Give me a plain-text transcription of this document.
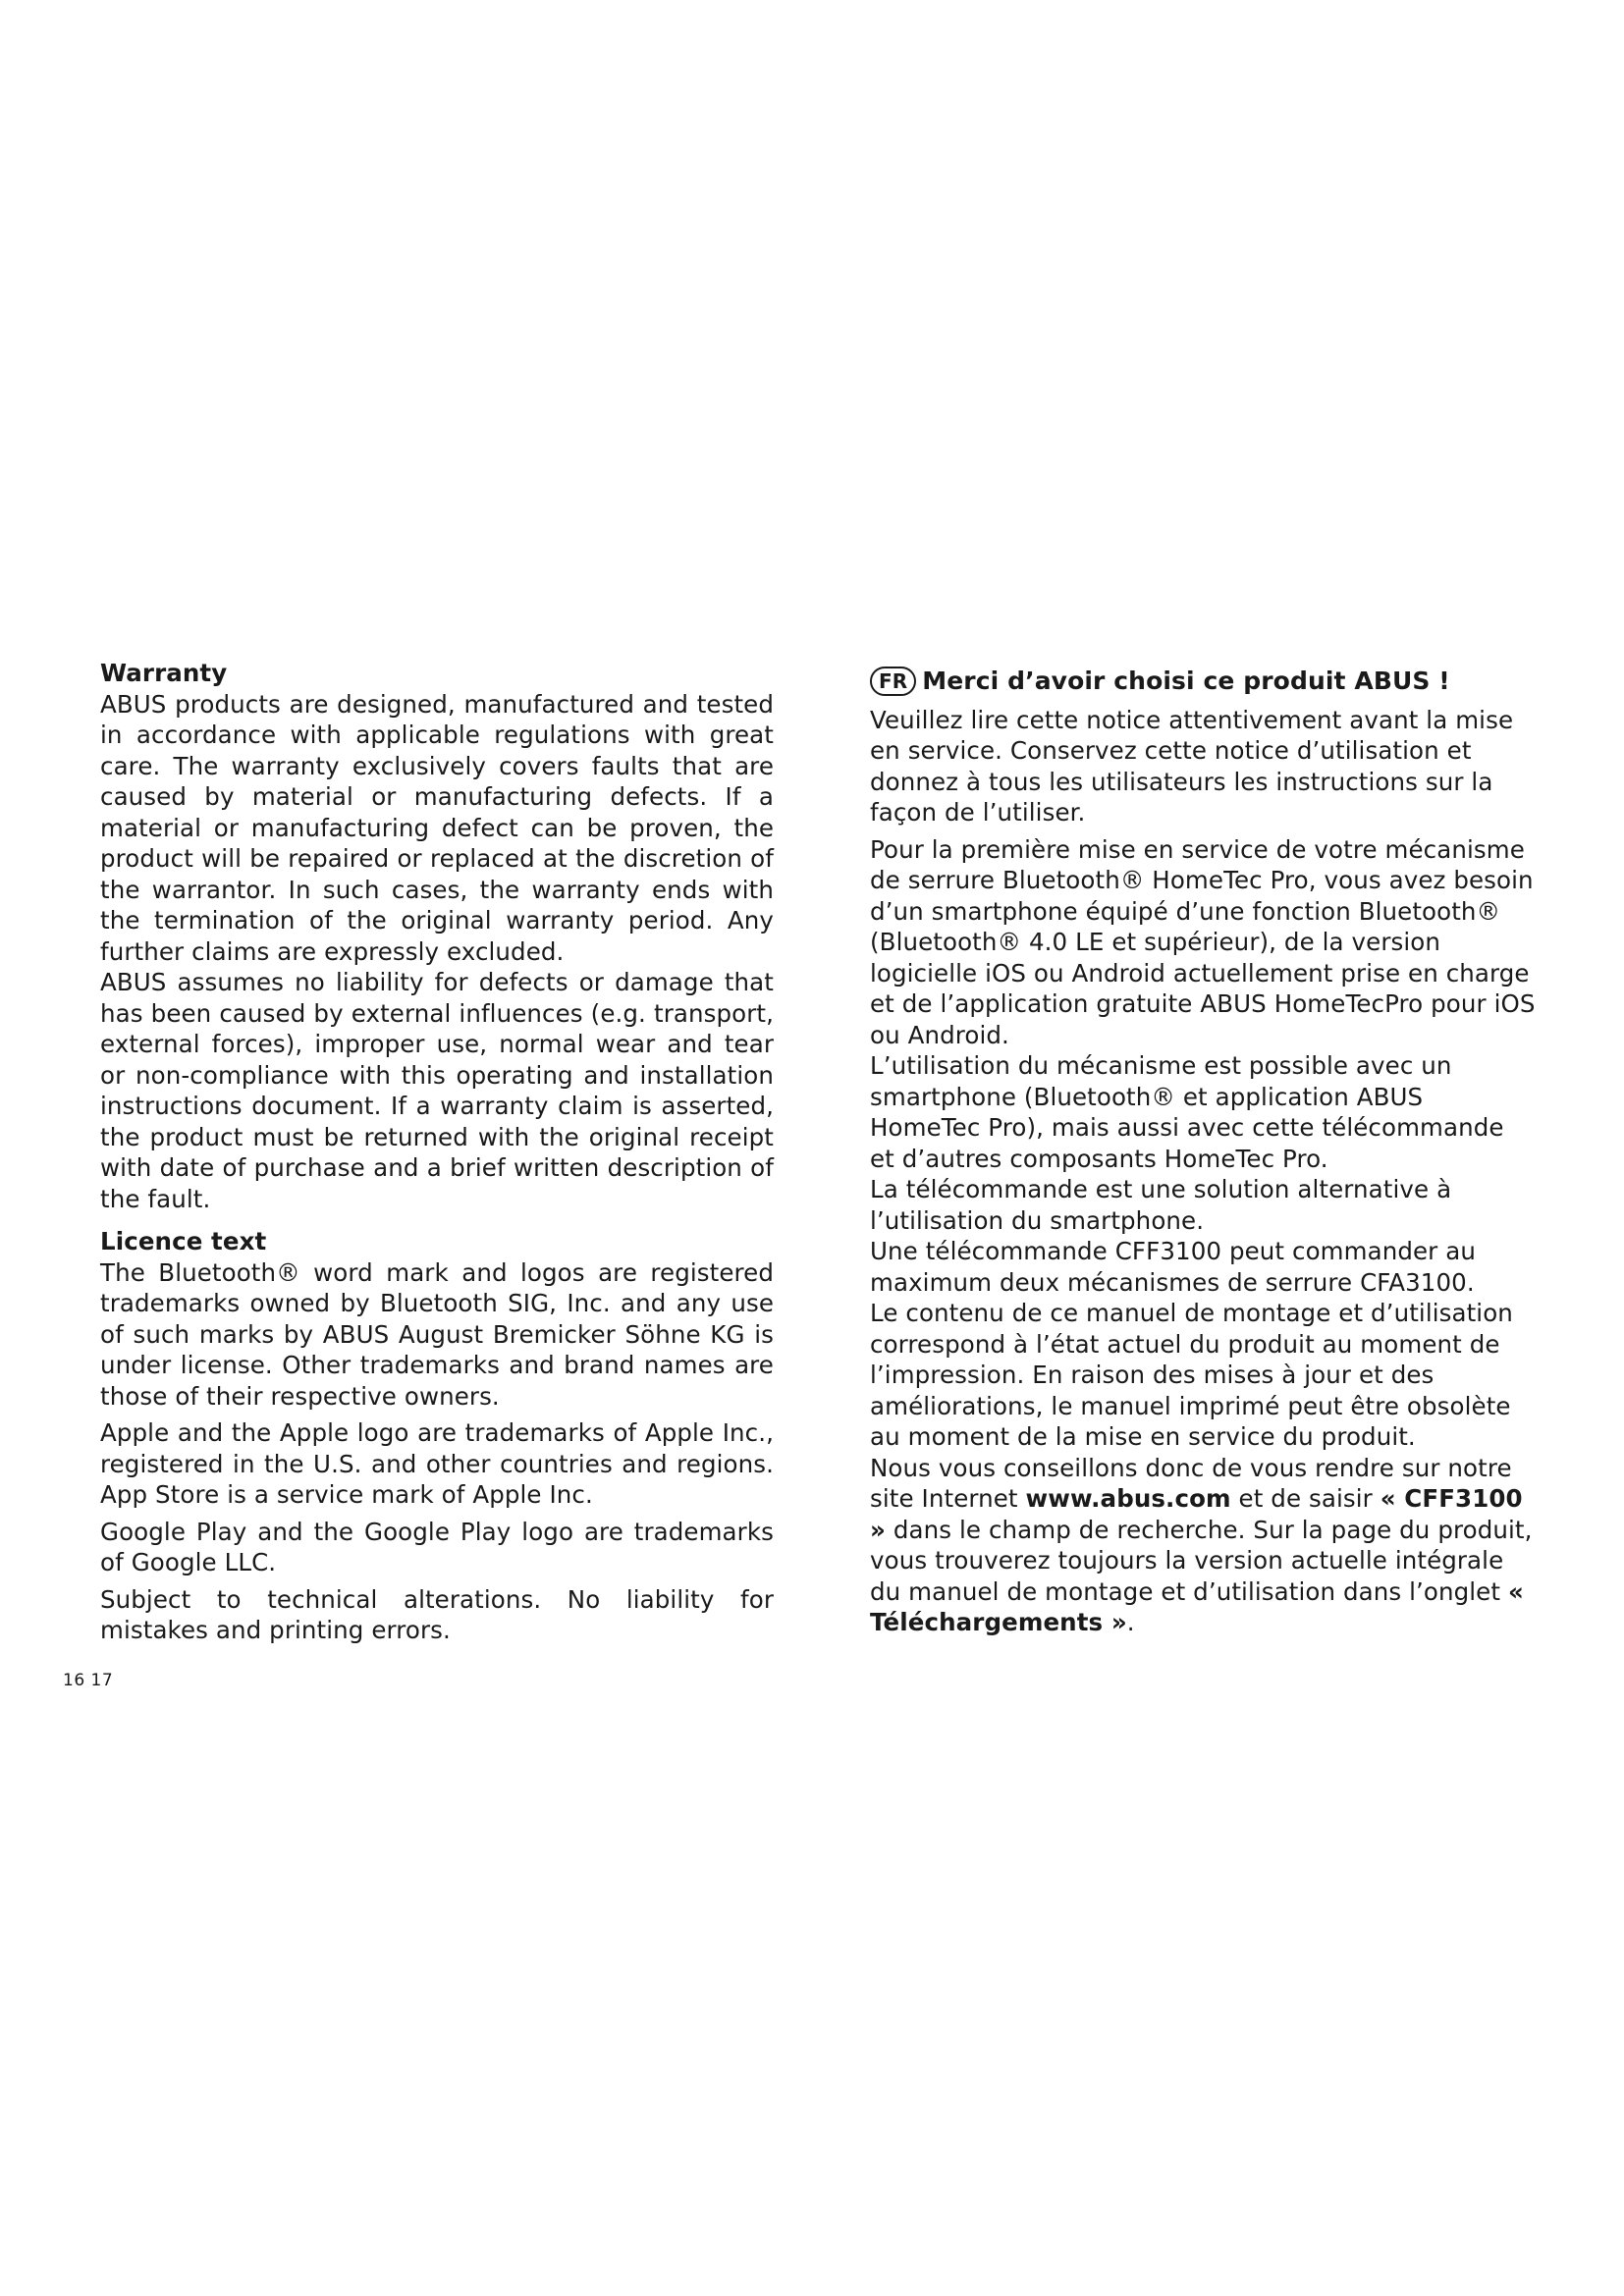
Warranty

ABUS products are designed, manufactured and tested in accordance with applicable regulations with great care. The warranty exclusively covers faults that are caused by material or manufacturing defects. If a material or manufacturing defect can be proven, the product will be repaired or replaced at the discretion of the warrantor. In such cases, the warranty ends with the termination of the original warranty period. Any further claims are expressly excluded.

ABUS assumes no liability for defects or damage that has been caused by external influences (e.g. transport, external forces), improper use, normal wear and tear or non-compliance with this operating and installation instructions document. If a warranty claim is asserted, the product must be returned with the original receipt with date of purchase and a brief written description of the fault.

Licence text

The Bluetooth® word mark and logos are registered trademarks owned by Bluetooth SIG, Inc. and any use of such marks by ABUS August Bremicker Söhne KG is under license. Other trademarks and brand names are those of their respective owners.

Apple and the Apple logo are trademarks of Apple Inc., registered in the U.S. and other countries and regions. App Store is a service mark of Apple Inc.

Google Play and the Google Play logo are trademarks of Google LLC.

Subject to technical alterations. No liability for mistakes and printing errors.

FR Merci d’avoir choisi ce produit ABUS !

Veuillez lire cette notice attentivement avant la mise en service. Conservez cette notice d’utilisation et donnez à tous les utilisateurs les instructions sur la façon de l’utiliser.

Pour la première mise en service de votre mécanisme de serrure Bluetooth® HomeTec Pro, vous avez besoin d’un smartphone équipé d’une fonction Bluetooth® (Bluetooth® 4.0 LE et supérieur), de la version logicielle iOS ou Android actuellement prise en charge et de l’application gratuite ABUS HomeTecPro pour iOS ou Android.

L’utilisation du mécanisme est possible avec un smartphone (Bluetooth® et application ABUS HomeTec Pro), mais aussi avec cette télécommande et d’autres composants HomeTec Pro.

La télécommande est une solution alternative à l’utilisation du smartphone.

Une télécommande CFF3100 peut commander au maximum deux mécanismes de serrure CFA3100.

Le contenu de ce manuel de montage et d’utilisation correspond à l’état actuel du produit au moment de l’impression. En raison des mises à jour et des améliorations, le manuel imprimé peut être obsolète au moment de la mise en service du produit.

Nous vous conseillons donc de vous rendre sur notre site Internet www.abus.com et de saisir « CFF3100 » dans le champ de recherche. Sur la page du produit, vous trouverez toujours la version actuelle intégrale du manuel de montage et d’utilisation dans l’onglet « Téléchargements ».

16 17
